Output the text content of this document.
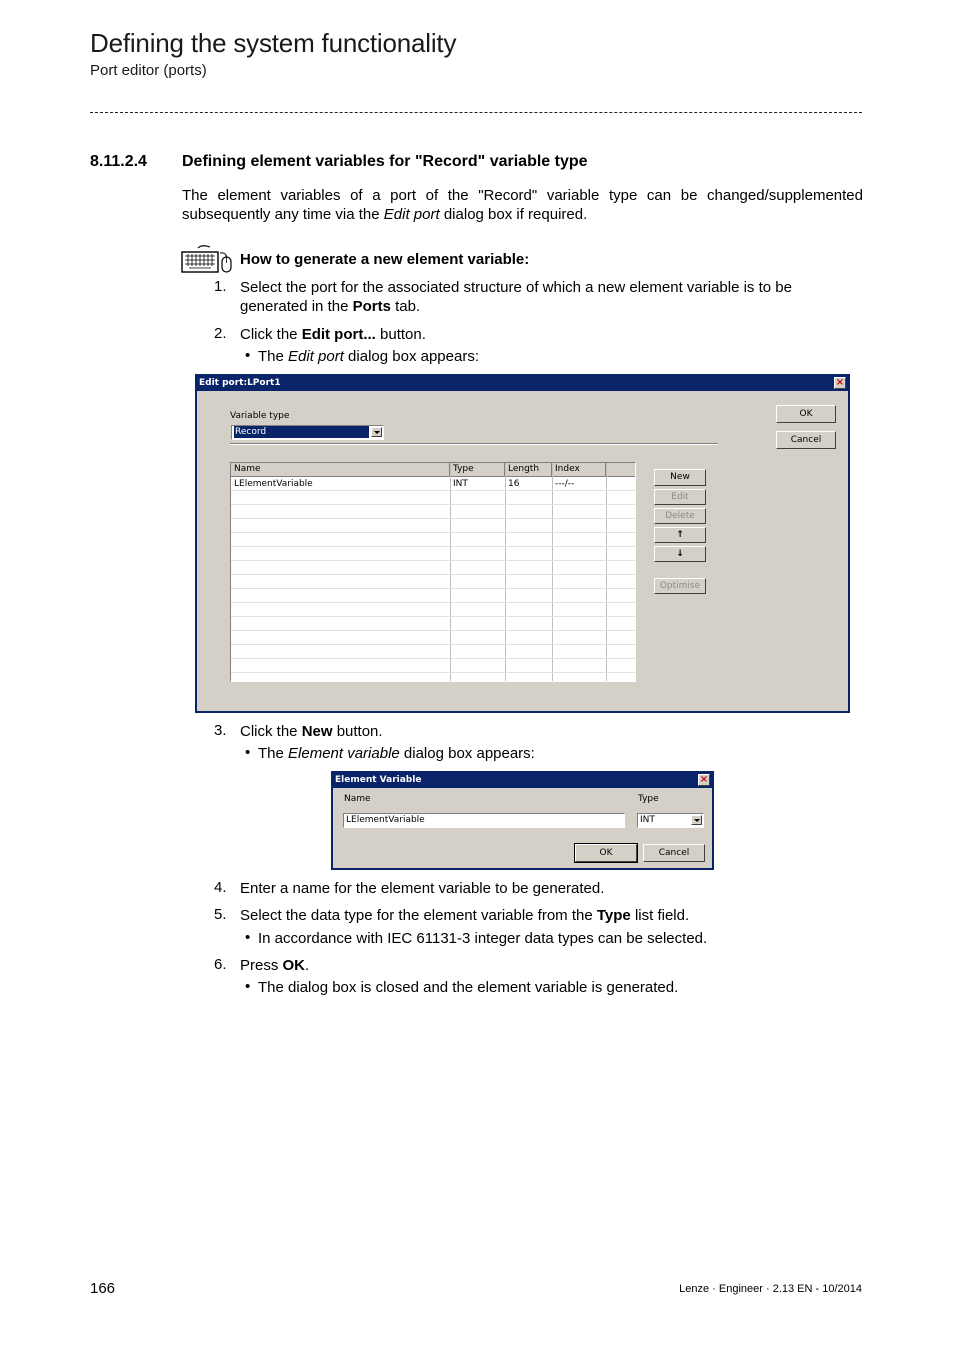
Defining the system functionality
Port editor (ports)
8.11.2.4 Defining element variables for "Record" variable type
The element variables of a port of the "Record" variable type can be changed/supplemented subsequently any time via the Edit port dialog box if required.
How to generate a new element variable:
1. Select the port for the associated structure of which a new element variable is to be generated in the Ports tab.
2. Click the Edit port... button.
• The Edit port dialog box appears:
Edit port:LPort1	×
Variable type
Record
OK
Cancel
Name	Type	Length	Index
LElementVariable	INT	16	---/--
New
Edit
Delete
↑
↓
Optimise
3. Click the New button.
• The Element variable dialog box appears:
Element Variable	×
Name	Type
LElementVariable	INT
OK	Cancel
4. Enter a name for the element variable to be generated.
5. Select the data type for the element variable from the Type list field.
• In accordance with IEC 61131-3 integer data types can be selected.
6. Press OK.
• The dialog box is closed and the element variable is generated.
166	Lenze · Engineer · 2.13 EN - 10/2014
